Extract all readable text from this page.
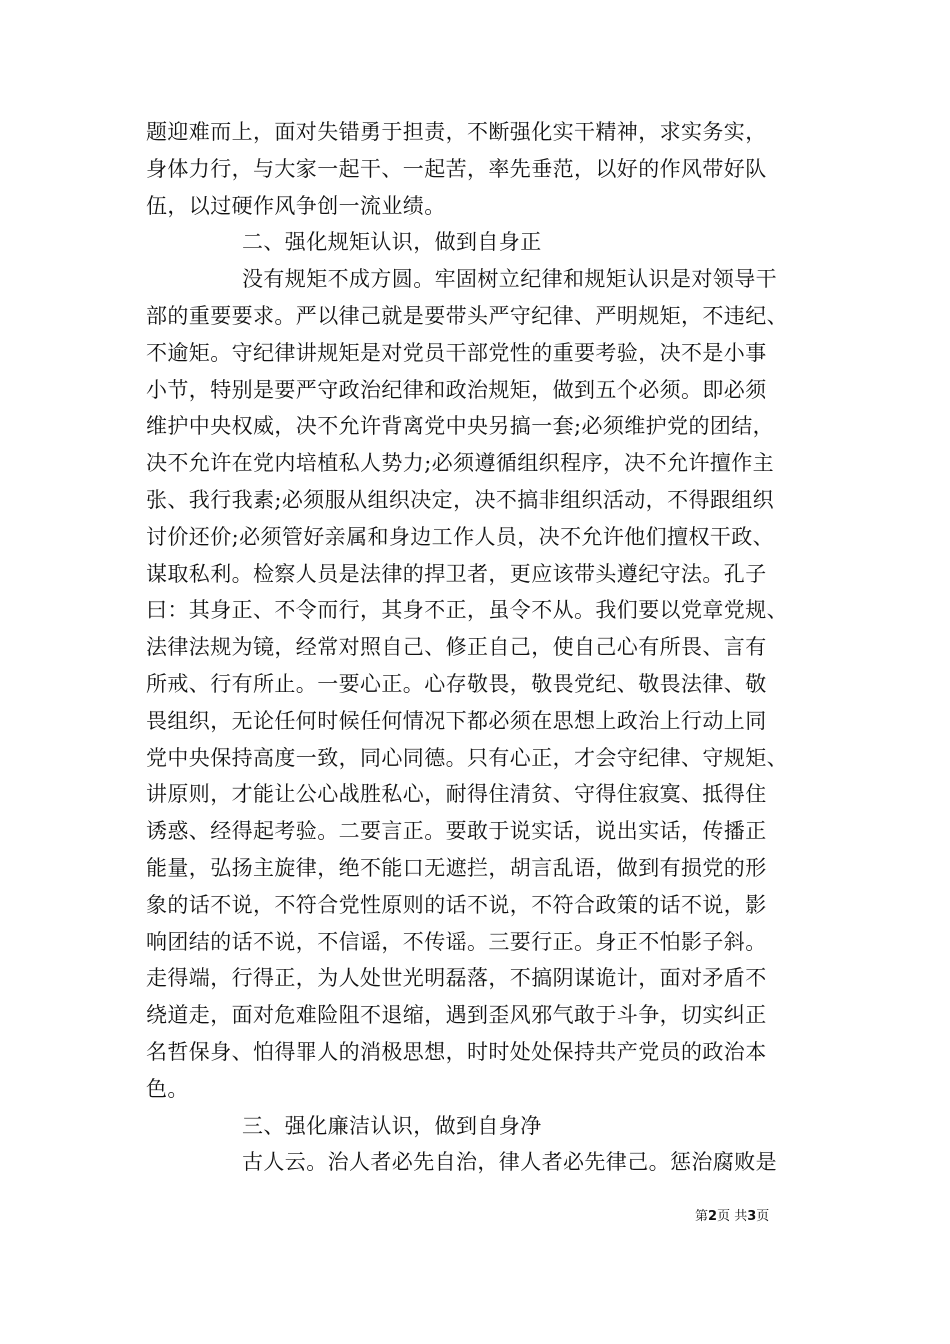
题迎难而上，面对失错勇于担责，不断强化实干精神，求实务实，
身体力行，与大家一起干、一起苦，率先垂范，以好的作风带好队
伍，以过硬作风争创一流业绩。
二、强化规矩认识，做到自身正
没有规矩不成方圆。牢固树立纪律和规矩认识是对领导干
部的重要要求。严以律己就是要带头严守纪律、严明规矩，不违纪、
不逾矩。守纪律讲规矩是对党员干部党性的重要考验，决不是小事
小节，特别是要严守政治纪律和政治规矩，做到五个必须。即必须
维护中央权威，决不允许背离党中央另搞一套;必须维护党的团结，
决不允许在党内培植私人势力;必须遵循组织程序，决不允许擅作主
张、我行我素;必须服从组织决定，决不搞非组织活动，不得跟组织
讨价还价;必须管好亲属和身边工作人员，决不允许他们擅权干政、
谋取私利。检察人员是法律的捍卫者，更应该带头遵纪守法。孔子
曰：其身正、不令而行，其身不正，虽令不从。我们要以党章党规、
法律法规为镜，经常对照自己、修正自己，使自己心有所畏、言有
所戒、行有所止。一要心正。心存敬畏，敬畏党纪、敬畏法律、敬
畏组织，无论任何时候任何情况下都必须在思想上政治上行动上同
党中央保持高度一致，同心同德。只有心正，才会守纪律、守规矩、
讲原则，才能让公心战胜私心，耐得住清贫、守得住寂寞、抵得住
诱惑、经得起考验。二要言正。要敢于说实话，说出实话，传播正
能量，弘扬主旋律，绝不能口无遮拦，胡言乱语，做到有损党的形
象的话不说，不符合党性原则的话不说，不符合政策的话不说，影
响团结的话不说，不信谣，不传谣。三要行正。身正不怕影子斜。
走得端，行得正，为人处世光明磊落，不搞阴谋诡计，面对矛盾不
绕道走，面对危难险阻不退缩，遇到歪风邪气敢于斗争，切实纠正
名哲保身、怕得罪人的消极思想，时时处处保持共产党员的政治本
色。
三、强化廉洁认识，做到自身净
古人云。治人者必先自治，律人者必先律己。惩治腐败是
第2页 共3页
